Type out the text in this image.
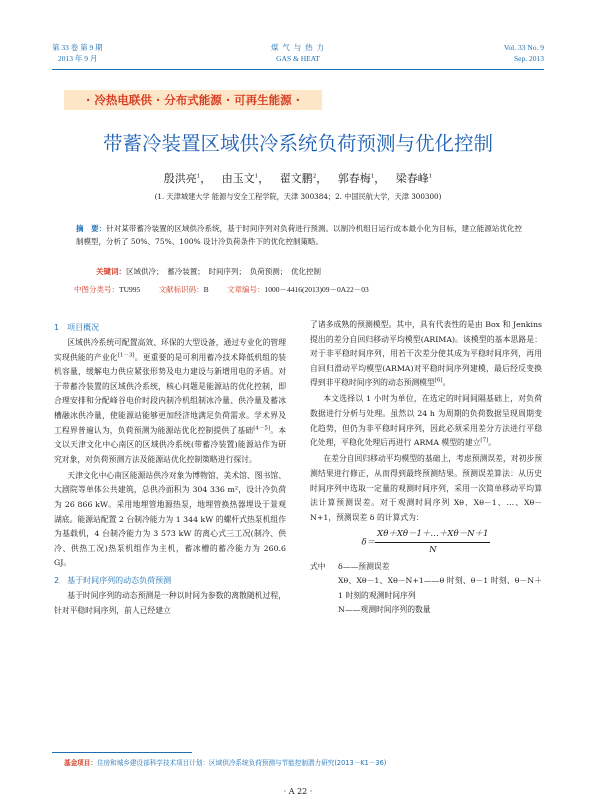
第 33 卷 第 9 期
2013 年 9 月
煤 气 与 热 力
GAS & HEAT
Vol. 33 No. 9
Sep. 2013
· 冷热电联供 · 分布式能源 · 可再生能源 ·
带蓄冷装置区域供冷系统负荷预测与优化控制
殷洪亮$^1$，   由玉文$^1$，   翟文鹏$^2$，   郭春梅$^1$，   梁春峰$^1$
(1. 天津城建大学 能源与安全工程学院，天津 300384；2. 中国民航大学，天津 300300)
摘　要：针对某带蓄冷装置的区域供冷系统，基于时间序列对负荷进行预测。以制冷机组日运行成本最小化为目标，建立能源站优化控制模型，分析了 50%、75%、100% 设计冷负荷条件下的优化控制策略。
关键词：区域供冷；　蓄冷装置；　时间序列；　负荷预测；　优化控制
中图分类号：TU995 文献标识码：B 文章编号：1000－4416(2013)09－0A22－03
1　项目概况

区域供冷系统可配置高效、环保的大型设备，通过专业化的管理实现供能的产业化[1－3]。更重要的是可利用蓄冷技术降低机组的装机容量，缓解电力供应紧张形势及电力建设与新增用电的矛盾。对于带蓄冷装置的区域供冷系统，核心问题是能源站的优化控制，即合理安排和分配峰谷电价时段内制冷机组制冰冷量、供冷量及蓄冰槽融冰供冷量，使能源站能够更加经济地满足负荷需求。学术界及工程界普遍认为，负荷预测为能源站优化控制提供了基础[4－5]。本文以天津文化中心南区的区域供冷系统(带蓄冷装置)能源站作为研究对象，对负荷预测方法及能源站优化控制策略进行探讨。

天津文化中心南区能源站供冷对象为博物馆、美术馆、图书馆、大剧院等单体公共建筑，总供冷面积为 304 336 m²，设计冷负荷为 26 866 kW。采用地埋管地源热泵，地埋管换热器埋设于景观湖底。能源站配置 2 台制冷能力为 1 344 kW 的螺杆式热泵机组作为基载机，4 台制冷能力为 3 573 kW 的离心式三工况(制冷、供冷、供热工况)热泵机组作为主机，蓄冰槽的蓄冷能力为 260.6 GJ。

2　基于时间序列的动态负荷预测

基于时间序列的动态预测是一种以时间为参数的离散随机过程，针对平稳时间序列，前人已经建立

了诸多成熟的预测模型。其中，具有代表性的是由 Box 和 Jenkins 提出的差分自回归移动平均模型(ARIMA)。该模型的基本思路是：对于非平稳时间序列，用若干次差分使其成为平稳时间序列，再用自回归滑动平均模型(ARMA)对平稳时间序列建模，最后经反变换得到非平稳时间序列的动态预测模型[6]。

本文选择以 1 小时为单位，在选定的时间间隔基础上，对负荷数据进行分析与处理。虽然以 24 h 为周期的负荷数据呈现周期变化趋势，但仍为非平稳时间序列，因此必须采用差分方法进行平稳化处理，平稳化处理后再进行 ARMA 模型的建立[7]。

在差分自回归移动平均模型的基础上，考虑预测误差，对初步预测结果进行修正，从而得到最终预测结果。预测误差算法：从历史时间序列中选取一定量的观测时间序列，采用一次简单移动平均算法计算预测误差。对于观测时间序列 Xθ、Xθ－1、…、Xθ－N+1，预测误差 δ 的计算式为：

$\delta= \frac{X\theta+X\theta-1+\dots+X\theta-N+1}{N}$
式中	δ——预测误差
Xθ、Xθ－1、Xθ－N+1——θ 时刻、θ－1 时刻、θ－N＋1 时刻的观测时间序列
N——观测时间序列的数量
基金项目：住房和城乡建设部科学技术项目计划：区域供冷系统负荷预测与节能控制潜力研究(2013－K1－36)
· A 22 ·
